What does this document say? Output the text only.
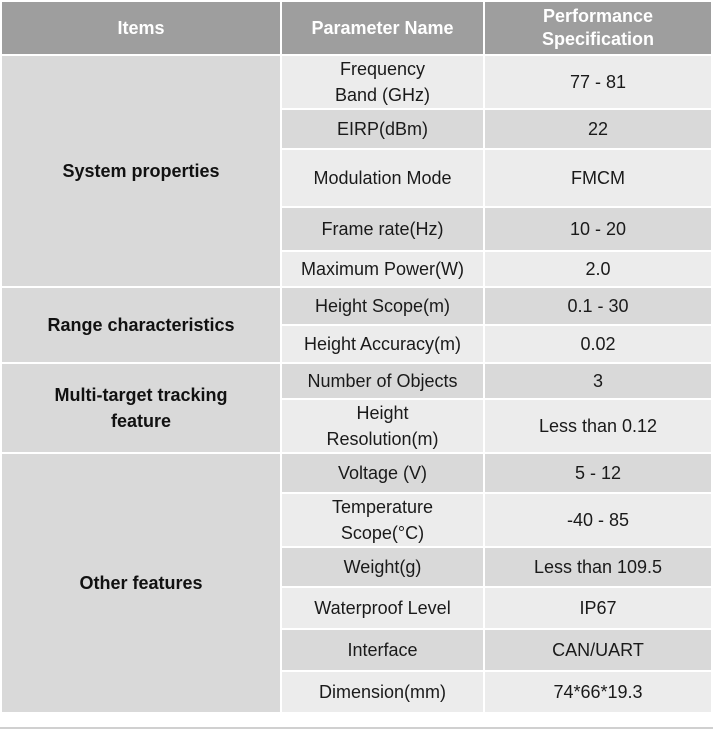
Items	Parameter Name	Performance Specification
System properties	Frequency Band (GHz)	77 - 81
	EIRP(dBm)	22
	Modulation Mode	FMCM
	Frame rate(Hz)	10 - 20
	Maximum Power(W)	2.0
Range characteristics	Height Scope(m)	0.1 - 30
	Height Accuracy(m)	0.02
Multi-target tracking feature	Number of Objects	3
	Height Resolution(m)	Less than 0.12
Other features	Voltage (V)	5 - 12
	Temperature Scope(°C)	-40 - 85
	Weight(g)	Less than 109.5
	Waterproof Level	IP67
	Interface	CAN/UART
	Dimension(mm)	74*66*19.3
